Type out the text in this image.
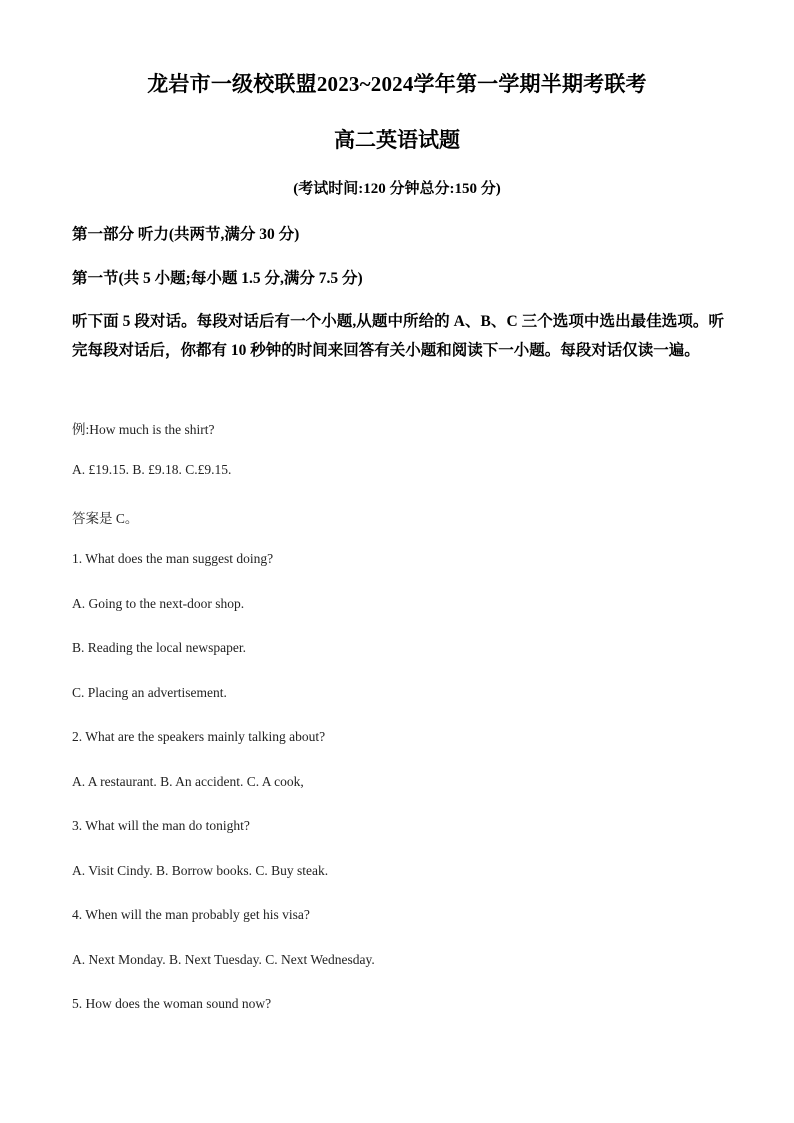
龙岩市一级校联盟2023~2024学年第一学期半期考联考
高二英语试题
(考试时间:120 分钟总分:150 分)
第一部分 听力(共两节,满分 30 分)
第一节(共 5 小题;每小题 1.5 分,满分 7.5 分)
听下面 5 段对话。每段对话后有一个小题,从题中所给的 A、B、C 三个选项中选出最佳选项。听完每段对话后，你都有 10 秒钟的时间来回答有关小题和阅读下一小题。每段对话仅读一遍。
例:How much is the shirt?
A. £19.15. B. £9.18. C.£9.15.
答案是 C。
1. What does the man suggest doing?
A. Going to the next-door shop.
B. Reading the local newspaper.
C. Placing an advertisement.
2. What are the speakers mainly talking about?
A. A restaurant. B. An accident. C. A cook,
3. What will the man do tonight?
A. Visit Cindy. B. Borrow books. C. Buy steak.
4. When will the man probably get his visa?
A. Next Monday. B. Next Tuesday. C. Next Wednesday.
5. How does the woman sound now?
